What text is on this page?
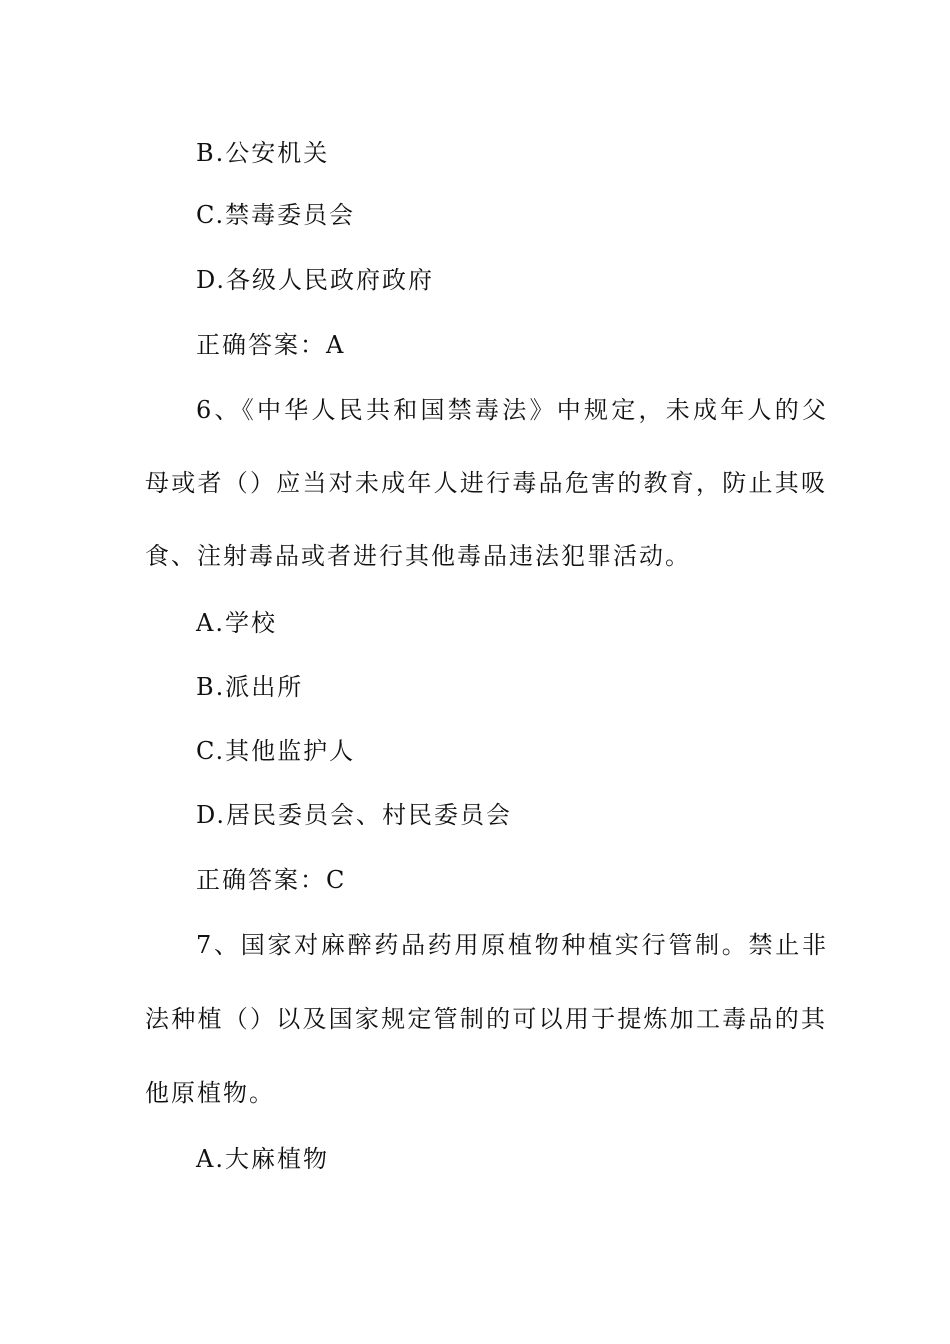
B.公安机关
C.禁毒委员会
D.各级人民政府政府
正确答案：A
6、《中华人民共和国禁毒法》中规定，未成年人的父
母或者（）应当对未成年人进行毒品危害的教育，防止其吸
食、注射毒品或者进行其他毒品违法犯罪活动。
A.学校
B.派出所
C.其他监护人
D.居民委员会、村民委员会
正确答案：C
7、国家对麻醉药品药用原植物种植实行管制。禁止非
法种植（）以及国家规定管制的可以用于提炼加工毒品的其
他原植物。
A.大麻植物
